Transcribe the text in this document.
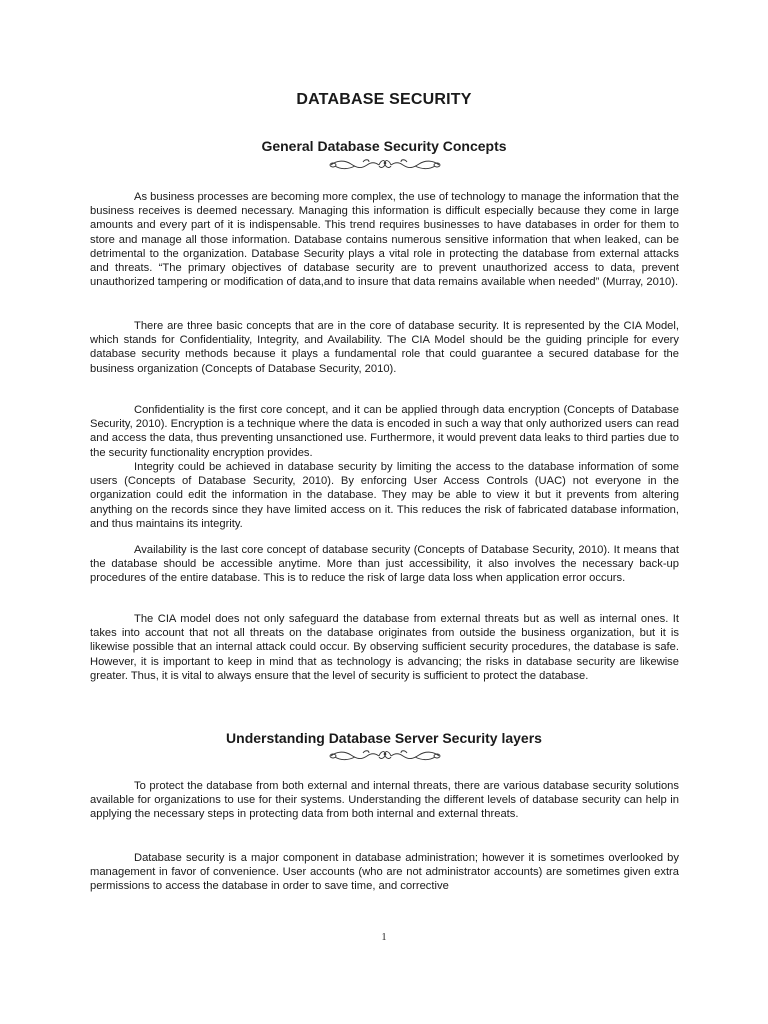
DATABASE SECURITY
General Database Security Concepts

As business processes are becoming more complex, the use of technology to manage the information that the business receives is deemed necessary. Managing this information is difficult especially because they come in large amounts and every part of it is indispensable. This trend requires businesses to have databases in order for them to store and manage all those information. Database contains numerous sensitive information that when leaked, can be detrimental to the organization. Database Security plays a vital role in protecting the database from external attacks and threats. “The primary objectives of database security are to prevent unauthorized access to data, prevent unauthorized tampering or modification of data,and to insure that data remains available when needed” (Murray, 2010).

There are three basic concepts that are in the core of database security. It is represented by the CIA Model, which stands for Confidentiality, Integrity, and Availability. The CIA Model should be the guiding principle for every database security methods because it plays a fundamental role that could guarantee a secured database for the business organization (Concepts of Database Security, 2010).

Confidentiality is the first core concept, and it can be applied through data encryption (Concepts of Database Security, 2010). Encryption is a technique where the data is encoded in such a way that only authorized users can read and access the data, thus preventing unsanctioned use. Furthermore, it would prevent data leaks to third parties due to the security functionality encryption provides.

Integrity could be achieved in database security by limiting the access to the database information of some users (Concepts of Database Security, 2010). By enforcing User Access Controls (UAC) not everyone in the organization could edit the information in the database. They may be able to view it but it prevents from altering anything on the records since they have limited access on it. This reduces the risk of fabricated database information, and thus maintains its integrity.

Availability is the last core concept of database security (Concepts of Database Security, 2010). It means that the database should be accessible anytime. More than just accessibility, it also involves the necessary back-up procedures of the entire database. This is to reduce the risk of large data loss when application error occurs.

The CIA model does not only safeguard the database from external threats but as well as internal ones. It takes into account that not all threats on the database originates from outside the business organization, but it is likewise possible that an internal attack could occur. By observing sufficient security procedures, the database is safe. However, it is important to keep in mind that as technology is advancing; the risks in database security are likewise greater. Thus, it is vital to always ensure that the level of security is sufficient to protect the database.

Understanding Database Server Security layers

To protect the database from both external and internal threats, there are various database security solutions available for organizations to use for their systems. Understanding the different levels of database security can help in applying the necessary steps in protecting data from both internal and external threats.

Database security is a major component in database administration; however it is sometimes overlooked by management in favor of convenience. User accounts (who are not administrator accounts) are sometimes given extra permissions to access the database in order to save time, and corrective

1
